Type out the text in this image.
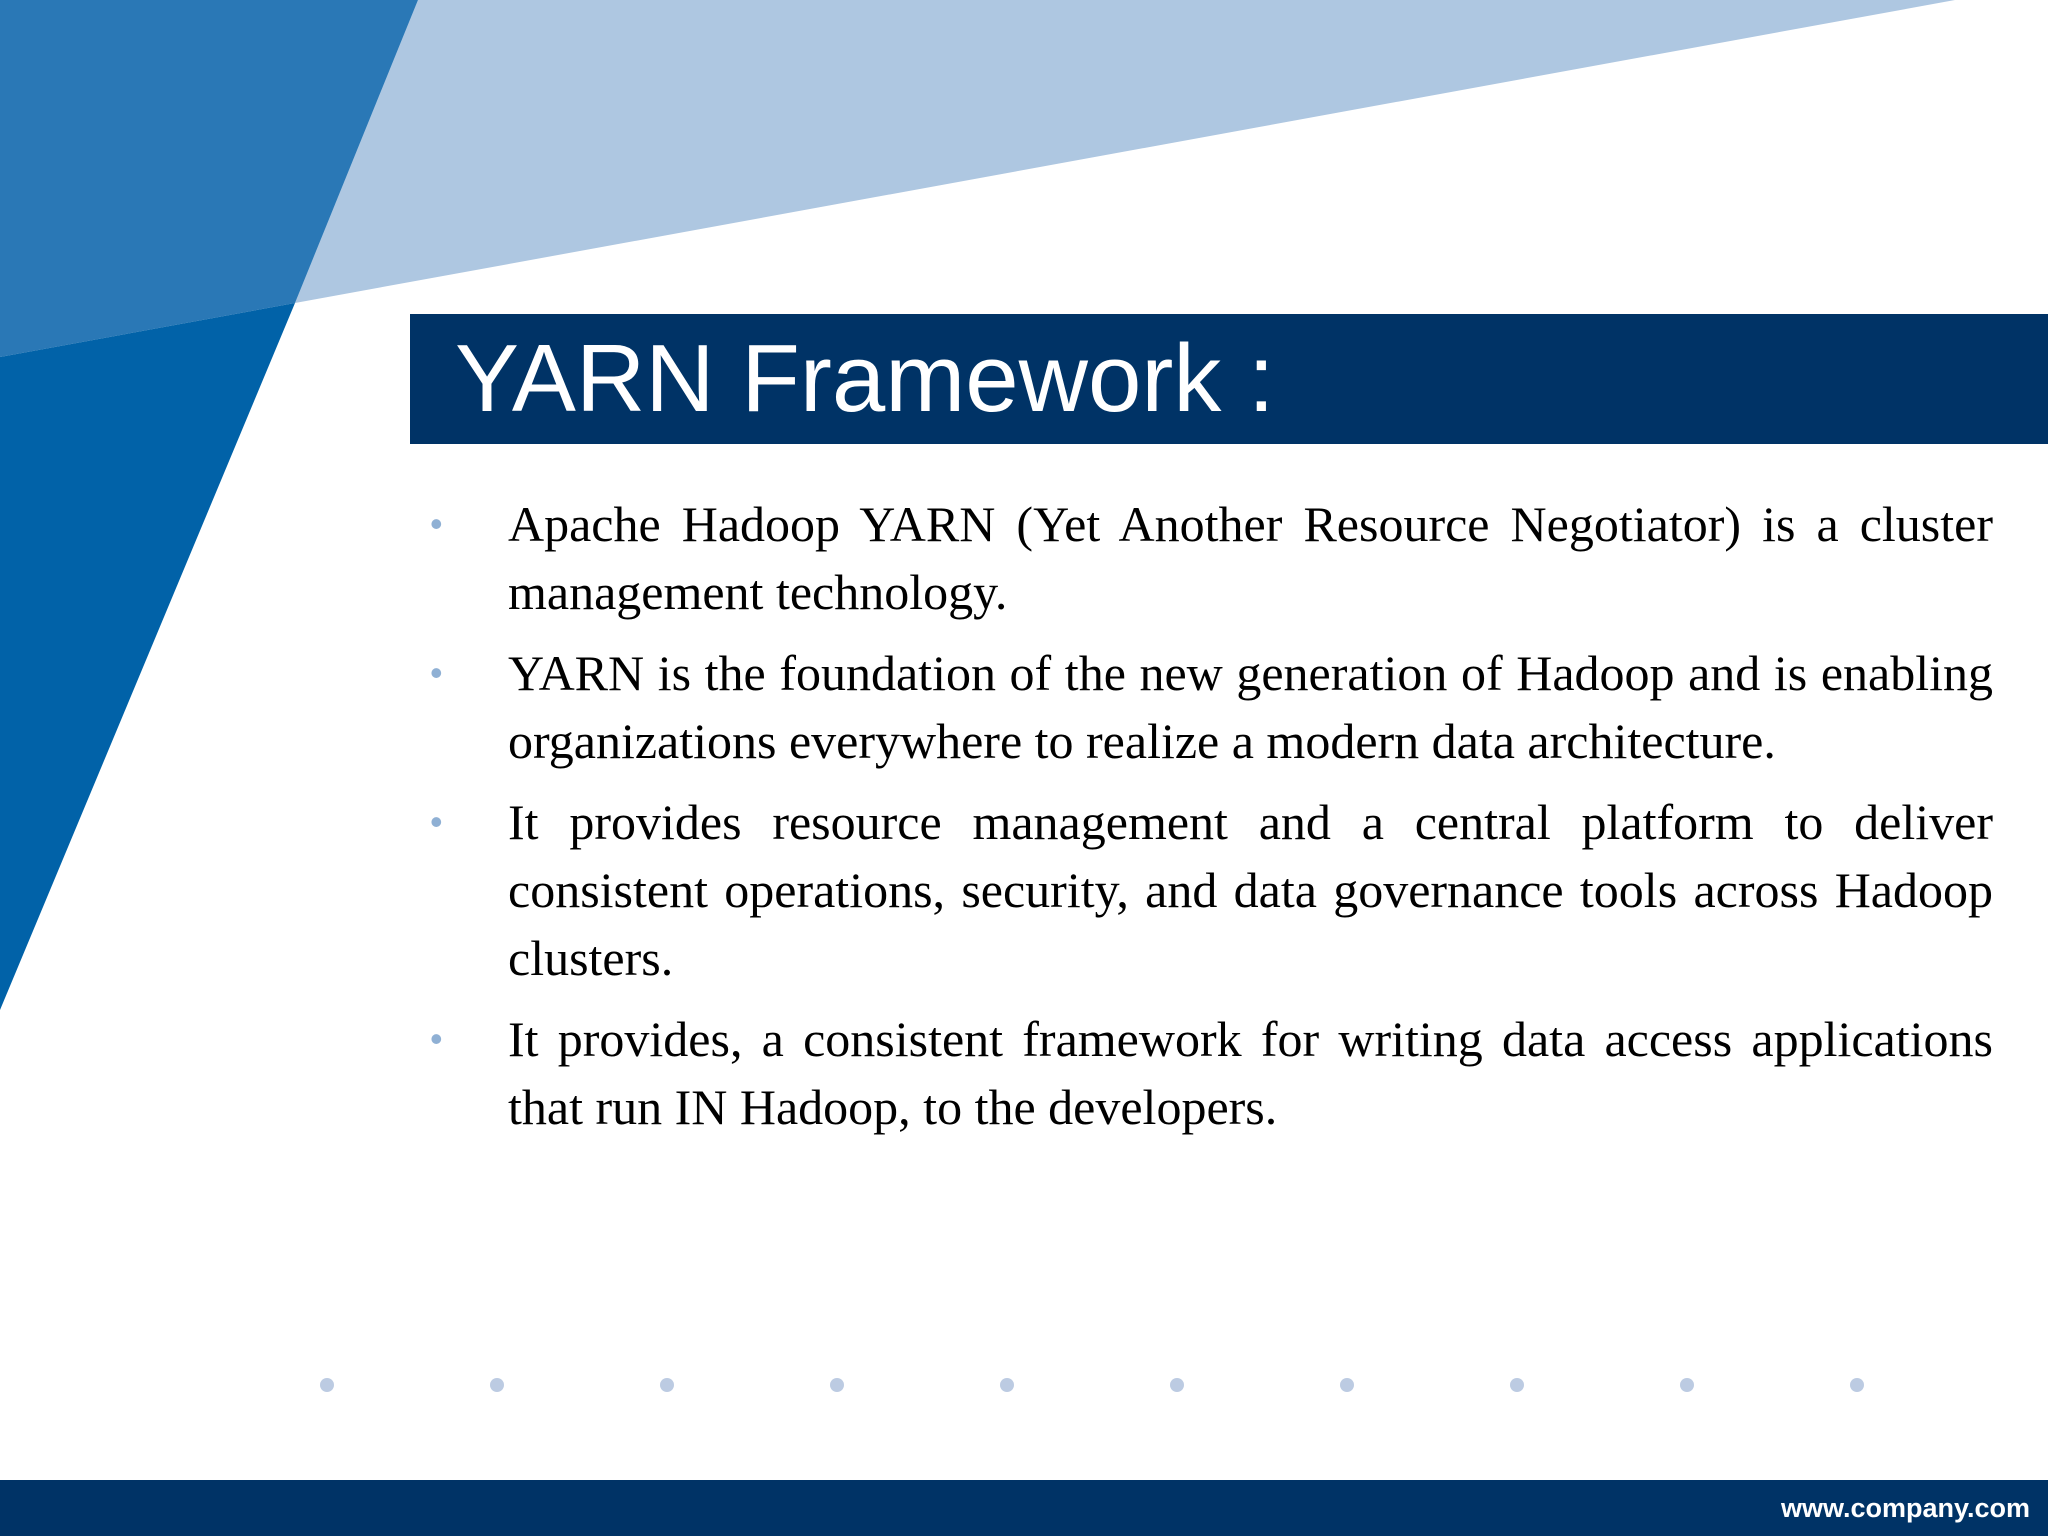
YARN Framework :
• Apache Hadoop YARN (Yet Another Resource Negotiator) is a cluster management technology.
• YARN is the foundation of the new generation of Hadoop and is enabling organizations everywhere to realize a modern data architecture.
• It provides resource management and a central platform to deliver consistent operations, security, and data governance tools across Hadoop clusters.
• It provides, a consistent framework for writing data access applications that run IN Hadoop, to the developers.
www.company.com
